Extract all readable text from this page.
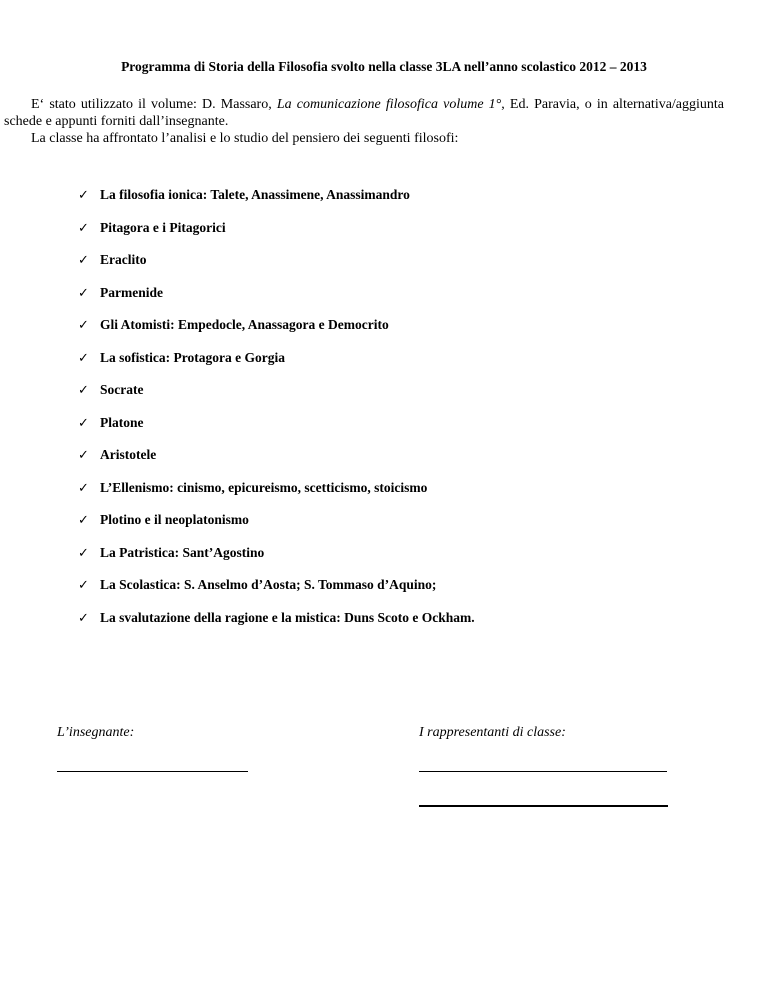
Programma di Storia della Filosofia svolto nella classe 3LA nell’anno scolastico 2012 – 2013

E‘ stato utilizzato il volume: D. Massaro, La comunicazione filosofica volume 1°, Ed. Paravia, o in alternativa/aggiunta schede e appunti forniti dall’insegnante.

La classe ha affrontato l’analisi e lo studio del pensiero dei seguenti filosofi:

✓ La filosofia ionica: Talete, Anassimene, Anassimandro
✓ Pitagora e i Pitagorici
✓ Eraclito
✓ Parmenide
✓ Gli Atomisti: Empedocle, Anassagora e Democrito
✓ La sofistica: Protagora e Gorgia
✓ Socrate
✓ Platone
✓ Aristotele
✓ L’Ellenismo: cinismo, epicureismo, scetticismo, stoicismo
✓ Plotino e il neoplatonismo
✓ La Patristica: Sant’Agostino
✓ La Scolastica: S. Anselmo d’Aosta; S. Tommaso d’Aquino;
✓ La svalutazione della ragione e la mistica: Duns Scoto e Ockham.
L’insegnante:	I rappresentanti di classe:
